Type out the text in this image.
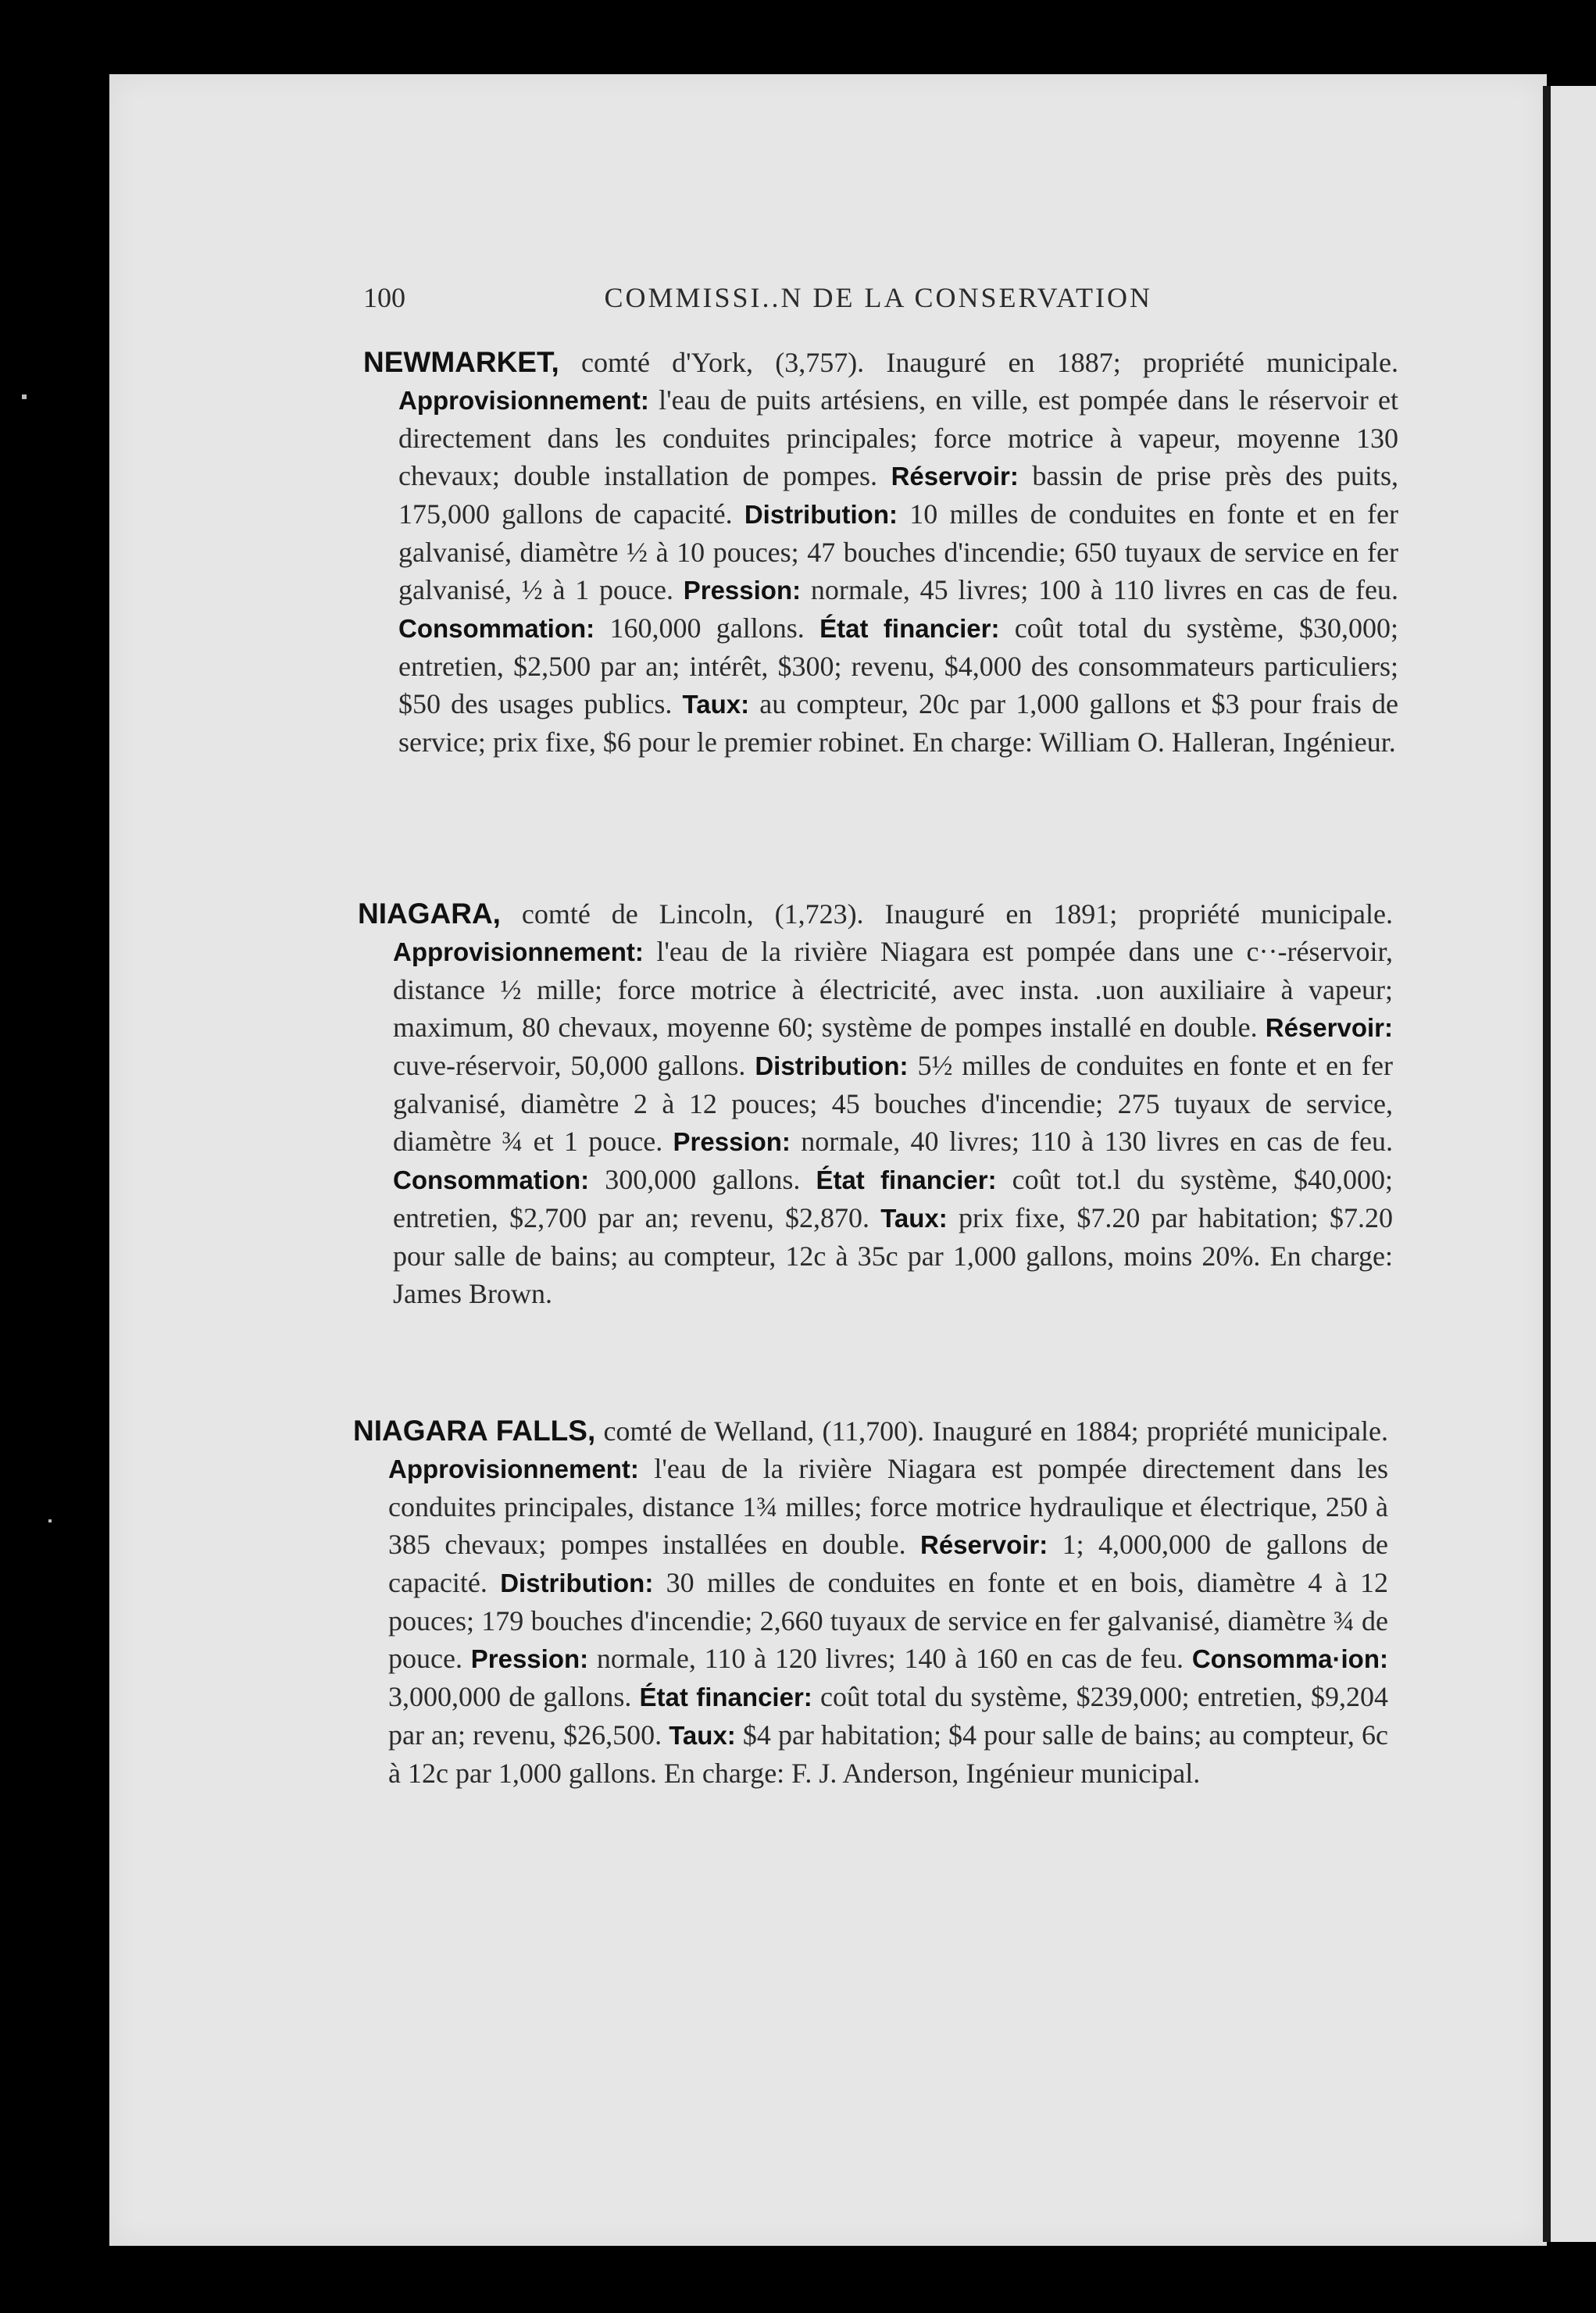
100	COMMISSI..N DE LA CONSERVATION
NEWMARKET, comté d'York, (3,757). Inauguré en 1887; propriété municipale. Approvisionnement: l'eau de puits artésiens, en ville, est pompée dans le réservoir et directement dans les conduites principales; force motrice à vapeur, moyenne 130 chevaux; double installation de pompes. Réservoir: bassin de prise près des puits, 175,000 gallons de capacité. Distribution: 10 milles de conduites en fonte et en fer galvanisé, diamètre ½ à 10 pouces; 47 bouches d'incendie; 650 tuyaux de service en fer galvanisé, ½ à 1 pouce. Pression: normale, 45 livres; 100 à 110 livres en cas de feu. Consommation: 160,000 gallons. État financier: coût total du système, $30,000; entretien, $2,500 par an; intérêt, $300; revenu, $4,000 des consommateurs particuliers; $50 des usages publics. Taux: au compteur, 20c par 1,000 gallons et $3 pour frais de service; prix fixe, $6 pour le premier robinet. En charge: William O. Halleran, Ingénieur.
NIAGARA, comté de Lincoln, (1,723). Inauguré en 1891; propriété municipale. Approvisionnement: l'eau de la rivière Niagara est pompée dans une c··-réservoir, distance ½ mille; force motrice à électricité, avec insta. .uon auxiliaire à vapeur; maximum, 80 chevaux, moyenne 60; système de pompes installé en double. Réservoir: cuve-réservoir, 50,000 gallons. Distribution: 5½ milles de conduites en fonte et en fer galvanisé, diamètre 2 à 12 pouces; 45 bouches d'incendie; 275 tuyaux de service, diamètre ¾ et 1 pouce. Pression: normale, 40 livres; 110 à 130 livres en cas de feu. Consommation: 300,000 gallons. État financier: coût tot.l du système, $40,000; entretien, $2,700 par an; revenu, $2,870. Taux: prix fixe, $7.20 par habitation; $7.20 pour salle de bains; au compteur, 12c à 35c par 1,000 gallons, moins 20%. En charge: James Brown.
NIAGARA FALLS, comté de Welland, (11,700). Inauguré en 1884; propriété municipale. Approvisionnement: l'eau de la rivière Niagara est pompée directement dans les conduites principales, distance 1¾ milles; force motrice hydraulique et électrique, 250 à 385 chevaux; pompes installées en double. Réservoir: 1; 4,000,000 de gallons de capacité. Distribution: 30 milles de conduites en fonte et en bois, diamètre 4 à 12 pouces; 179 bouches d'incendie; 2,660 tuyaux de service en fer galvanisé, diamètre ¾ de pouce. Pression: normale, 110 à 120 livres; 140 à 160 en cas de feu. Consomma·ion: 3,000,000 de gallons. État financier: coût total du système, $239,000; entretien, $9,204 par an; revenu, $26,500. Taux: $4 par habitation; $4 pour salle de bains; au compteur, 6c à 12c par 1,000 gallons. En charge: F. J. Anderson, Ingénieur municipal.
